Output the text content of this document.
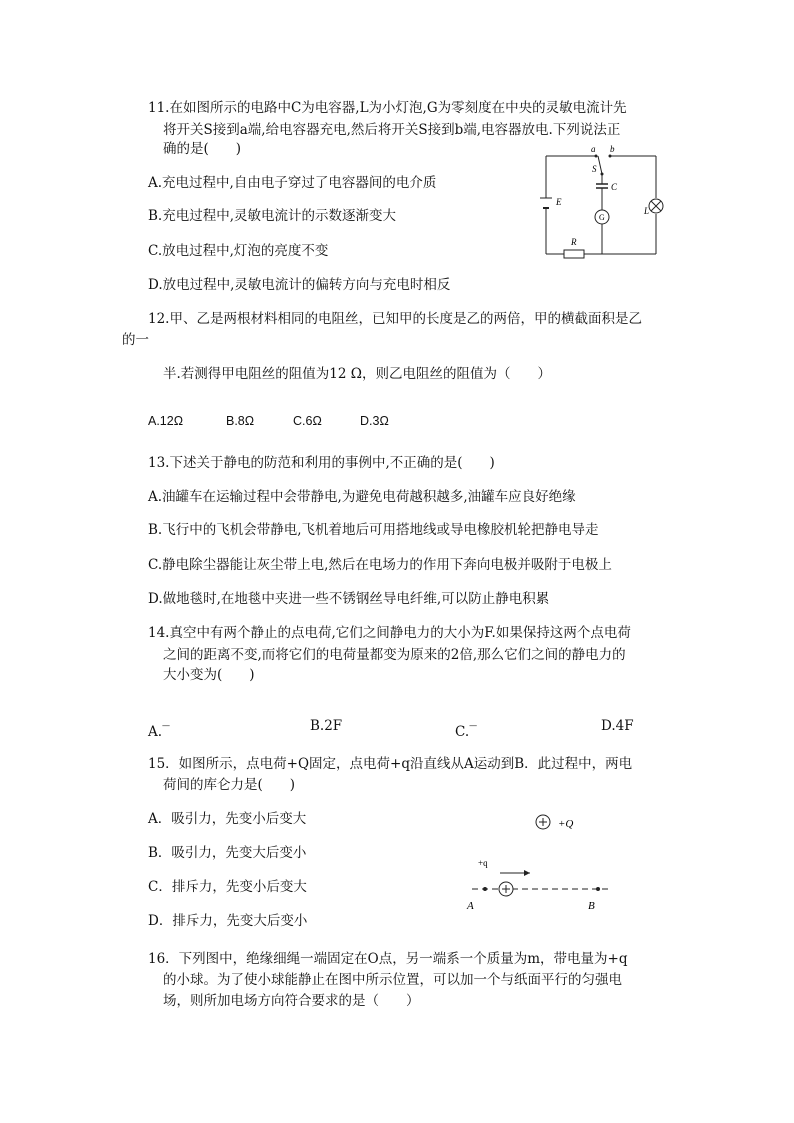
11.在如图所示的电路中C为电容器,L为小灯泡,G为零刻度在中央的灵敏电流计先
将开关S接到a端,给电容器充电,然后将开关S接到b端,电容器放电.下列说法正
确的是(　　)
A.充电过程中,自由电子穿过了电容器间的电介质
B.充电过程中,灵敏电流计的示数逐渐变大
C.放电过程中,灯泡的亮度不变
D.放电过程中,灵敏电流计的偏转方向与充电时相反
a b
S
C
E
G
L
R
12.甲、乙是两根材料相同的电阻丝，已知甲的长度是乙的两倍，甲的横截面积是乙
的一
半.若测得甲电阻丝的阻值为12 Ω，则乙电阻丝的阻值为（　　）
A.12Ω	B.8Ω	C.6Ω	D.3Ω
13.下述关于静电的防范和利用的事例中,不正确的是(　　)
A.油罐车在运输过程中会带静电,为避免电荷越积越多,油罐车应良好绝缘
B.飞行中的飞机会带静电,飞机着地后可用搭地线或导电橡胶机轮把静电导走
C.静电除尘器能让灰尘带上电,然后在电场力的作用下奔向电极并吸附于电极上
D.做地毯时,在地毯中夹进一些不锈钢丝导电纤维,可以防止静电积累
14.真空中有两个静止的点电荷,它们之间静电力的大小为F.如果保持这两个点电荷
之间的距离不变,而将它们的电荷量都变为原来的2倍,那么它们之间的静电力的
大小变为(　　)
A.—	B.2F	C.—	D.4F
15．如图所示，点电荷+Q固定，点电荷+q沿直线从A运动到B．此过程中，两电
荷间的库仑力是(　　)
A．吸引力，先变小后变大
B．吸引力，先变大后变小
C．排斥力，先变小后变大
D．排斥力，先变大后变小
+Q
+q
A	B
16．下列图中，绝缘细绳一端固定在O点，另一端系一个质量为m，带电量为+q
的小球。为了使小球能静止在图中所示位置，可以加一个与纸面平行的匀强电
场，则所加电场方向符合要求的是（　　）
